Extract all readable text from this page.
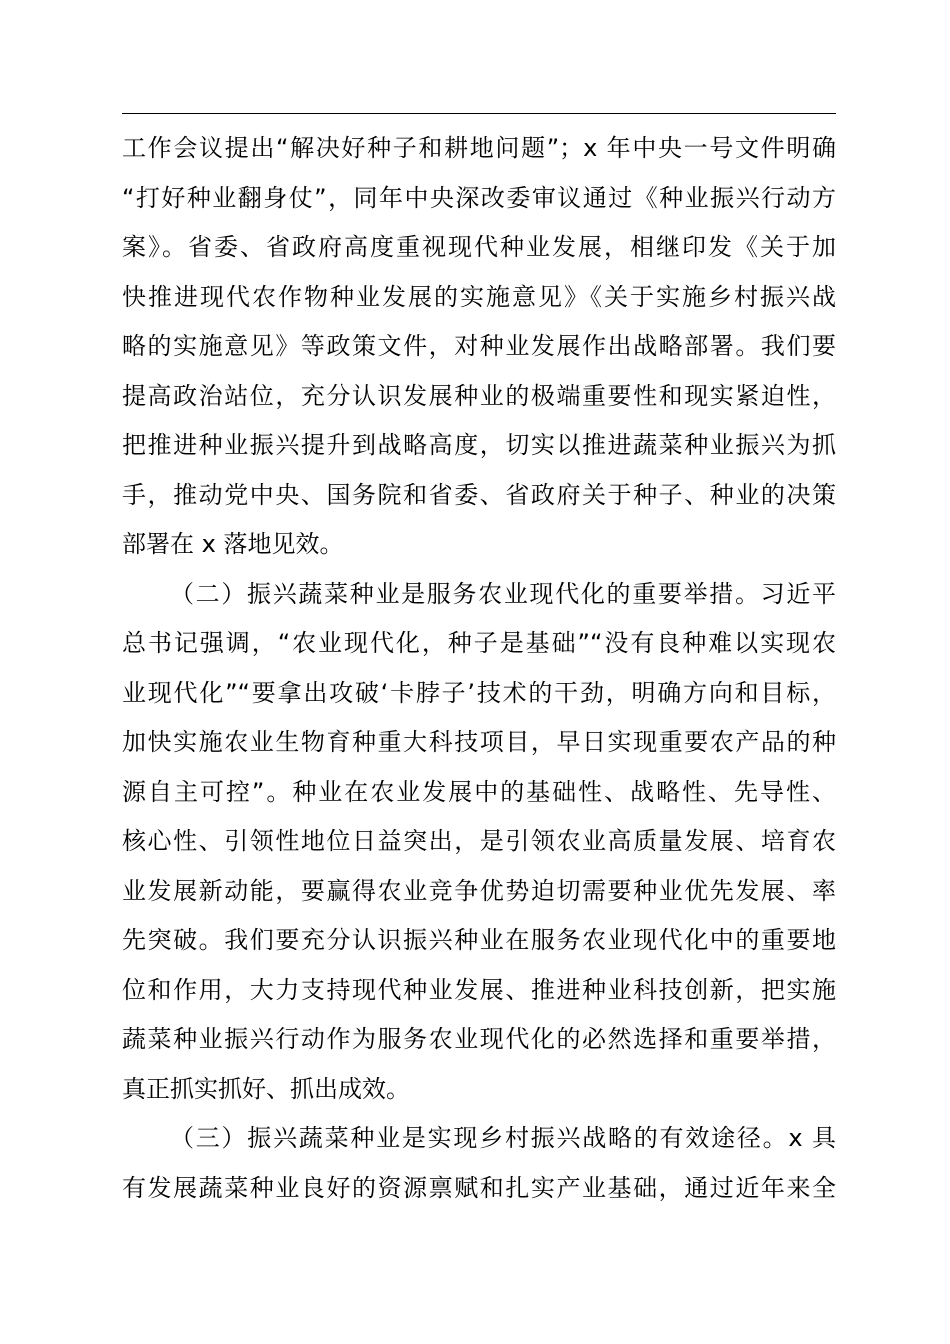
工作会议提出“解决好种子和耕地问题”；x 年中央一号文件明确
“打好种业翻身仗”，同年中央深改委审议通过《种业振兴行动方
案》。省委、省政府高度重视现代种业发展，相继印发《关于加
快推进现代农作物种业发展的实施意见》《关于实施乡村振兴战
略的实施意见》等政策文件，对种业发展作出战略部署。我们要
提高政治站位，充分认识发展种业的极端重要性和现实紧迫性，
把推进种业振兴提升到战略高度，切实以推进蔬菜种业振兴为抓
手，推动党中央、国务院和省委、省政府关于种子、种业的决策
部署在 x 落地见效。
（二）振兴蔬菜种业是服务农业现代化的重要举措。习近平
总书记强调，“农业现代化，种子是基础”“没有良种难以实现农
业现代化”“要拿出攻破‘卡脖子’技术的干劲，明确方向和目标，
加快实施农业生物育种重大科技项目，早日实现重要农产品的种
源自主可控”。种业在农业发展中的基础性、战略性、先导性、
核心性、引领性地位日益突出，是引领农业高质量发展、培育农
业发展新动能，要赢得农业竞争优势迫切需要种业优先发展、率
先突破。我们要充分认识振兴种业在服务农业现代化中的重要地
位和作用，大力支持现代种业发展、推进种业科技创新，把实施
蔬菜种业振兴行动作为服务农业现代化的必然选择和重要举措，
真正抓实抓好、抓出成效。
（三）振兴蔬菜种业是实现乡村振兴战略的有效途径。x 具
有发展蔬菜种业良好的资源禀赋和扎实产业基础，通过近年来全
